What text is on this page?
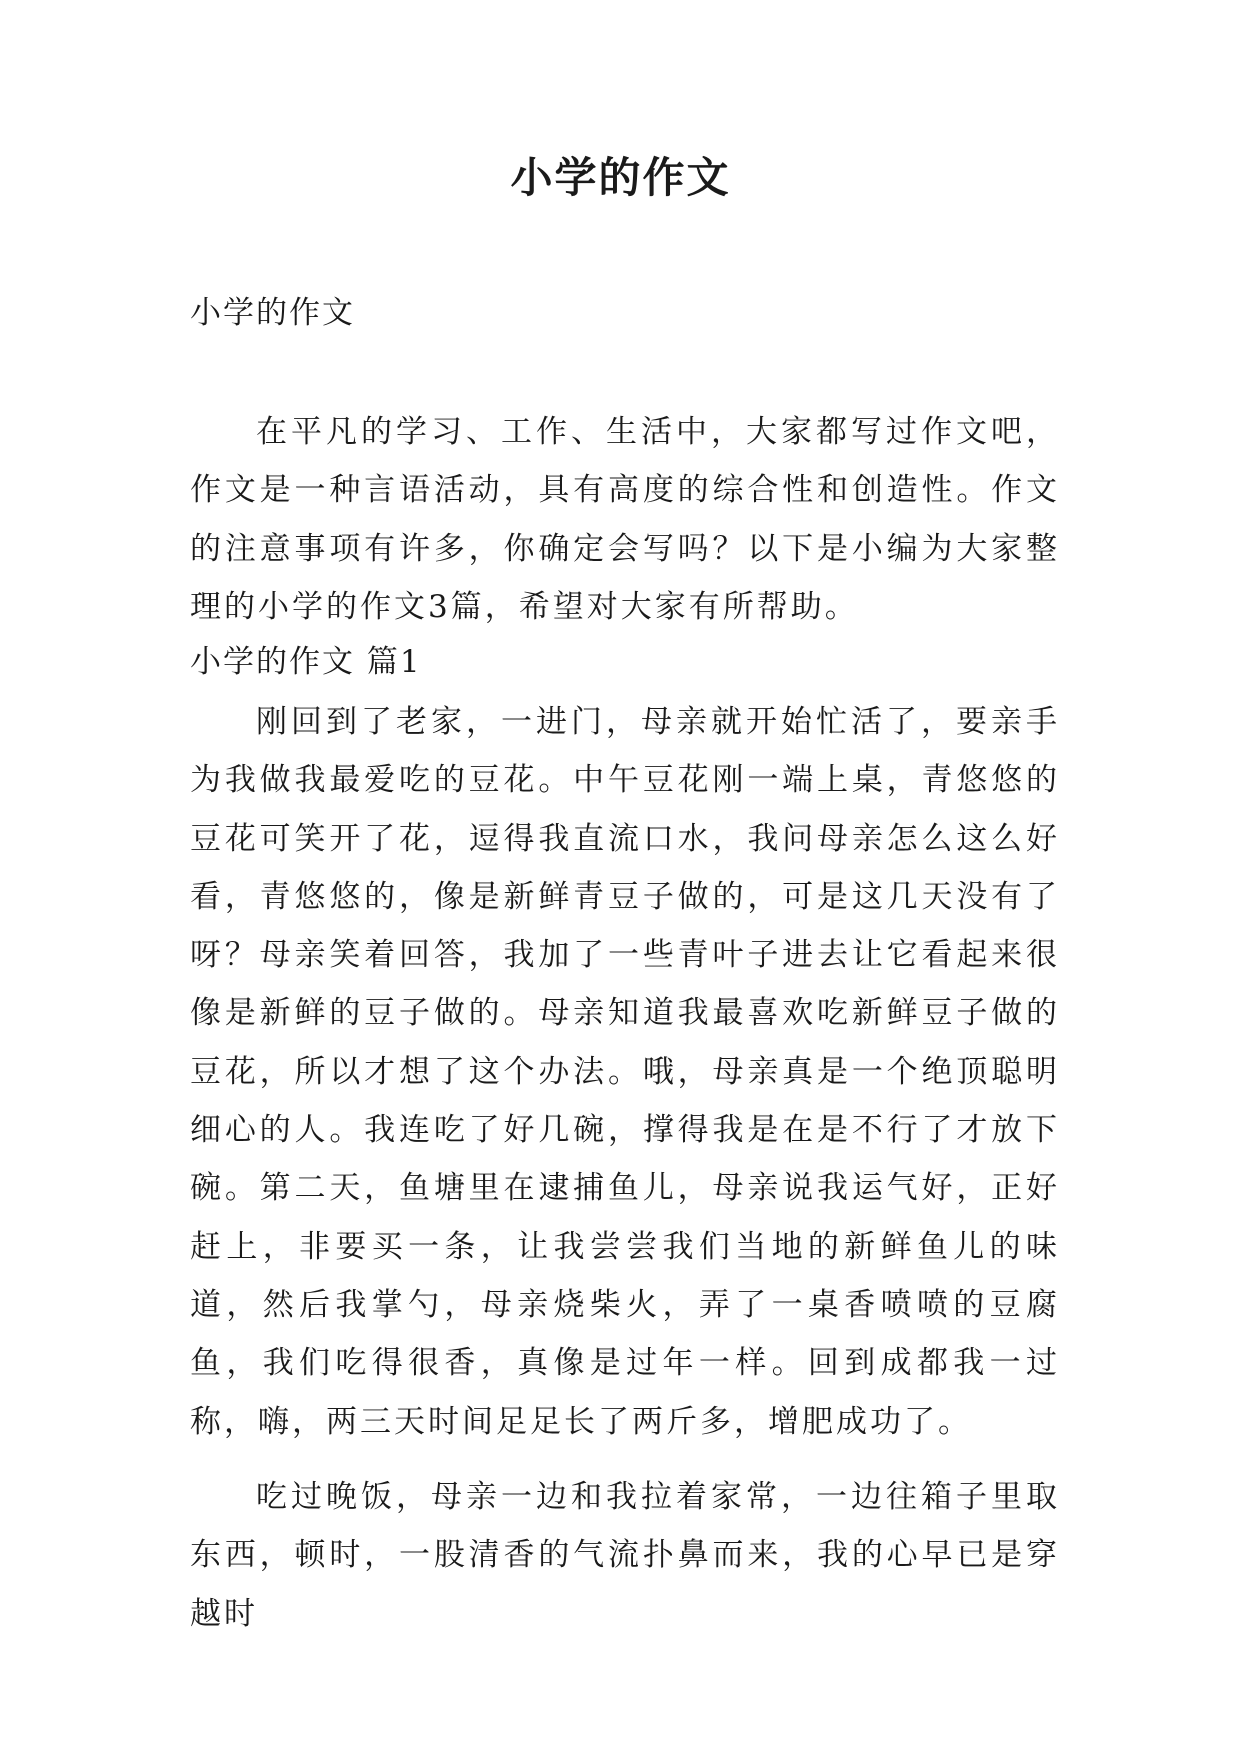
小学的作文

小学的作文

在平凡的学习、工作、生活中，大家都写过作文吧，作文是一种言语活动，具有高度的综合性和创造性。作文的注意事项有许多，你确定会写吗？以下是小编为大家整理的小学的作文3篇，希望对大家有所帮助。

小学的作文 篇1

刚回到了老家，一进门，母亲就开始忙活了，要亲手为我做我最爱吃的豆花。中午豆花刚一端上桌，青悠悠的豆花可笑开了花，逗得我直流口水，我问母亲怎么这么好看，青悠悠的，像是新鲜青豆子做的，可是这几天没有了呀？母亲笑着回答，我加了一些青叶子进去让它看起来很像是新鲜的豆子做的。母亲知道我最喜欢吃新鲜豆子做的豆花，所以才想了这个办法。哦，母亲真是一个绝顶聪明细心的人。我连吃了好几碗，撑得我是在是不行了才放下碗。第二天，鱼塘里在逮捕鱼儿，母亲说我运气好，正好赶上，非要买一条，让我尝尝我们当地的新鲜鱼儿的味道，然后我掌勺，母亲烧柴火，弄了一桌香喷喷的豆腐鱼，我们吃得很香，真像是过年一样。回到成都我一过称，嗨，两三天时间足足长了两斤多，增肥成功了。

吃过晚饭，母亲一边和我拉着家常，一边往箱子里取东西，顿时，一股清香的气流扑鼻而来，我的心早已是穿越时
